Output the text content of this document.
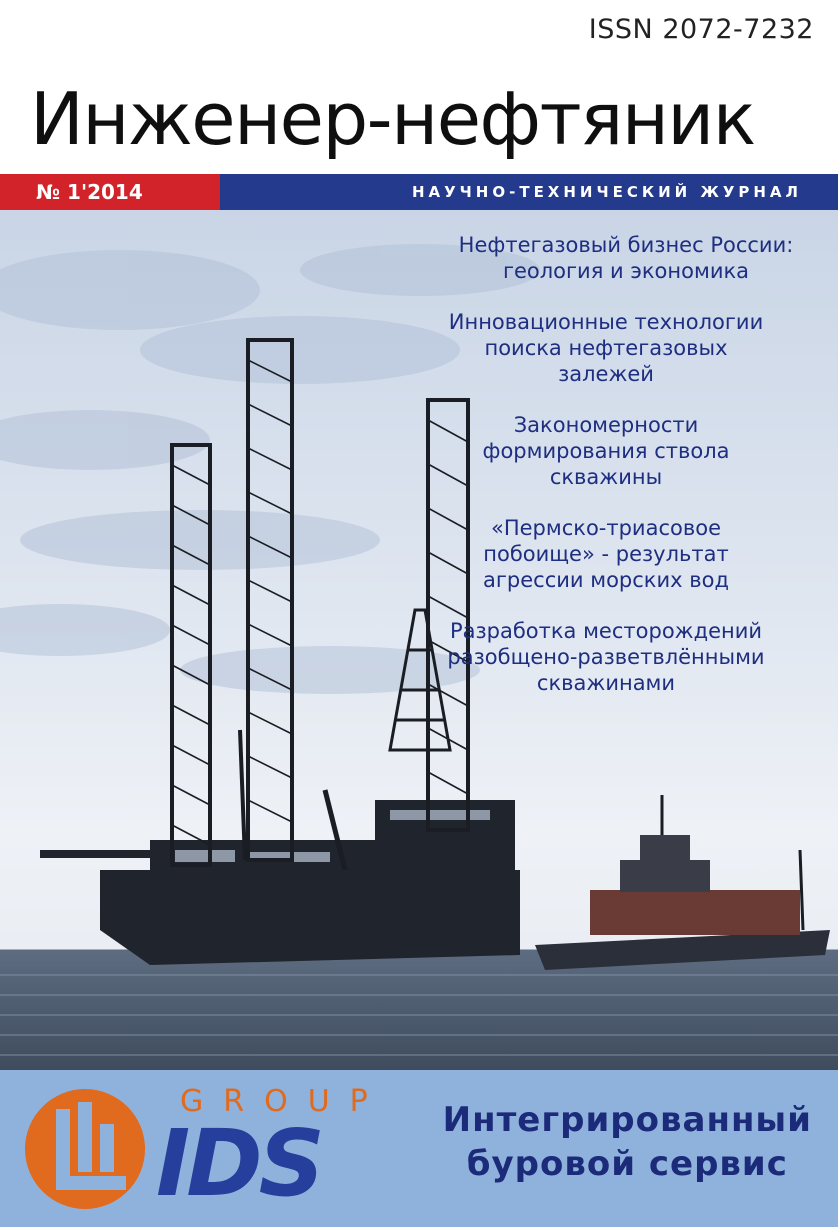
ISSN 2072-7232
Инженер-нефтяник
№ 1'2014	НАУЧНО-ТЕХНИЧЕСКИЙ ЖУРНАЛ
Нефтегазовый бизнес России:
геология и экономика
Инновационные технологии
поиска нефтегазовых
залежей
Закономерности
формирования ствола
скважины
«Пермско-триасовое
побоище» - результат
агрессии морских вод
Разработка месторождений
разобщено-разветвлёнными
скважинами
GROUP
IDS	Интегрированный
буровой сервис
